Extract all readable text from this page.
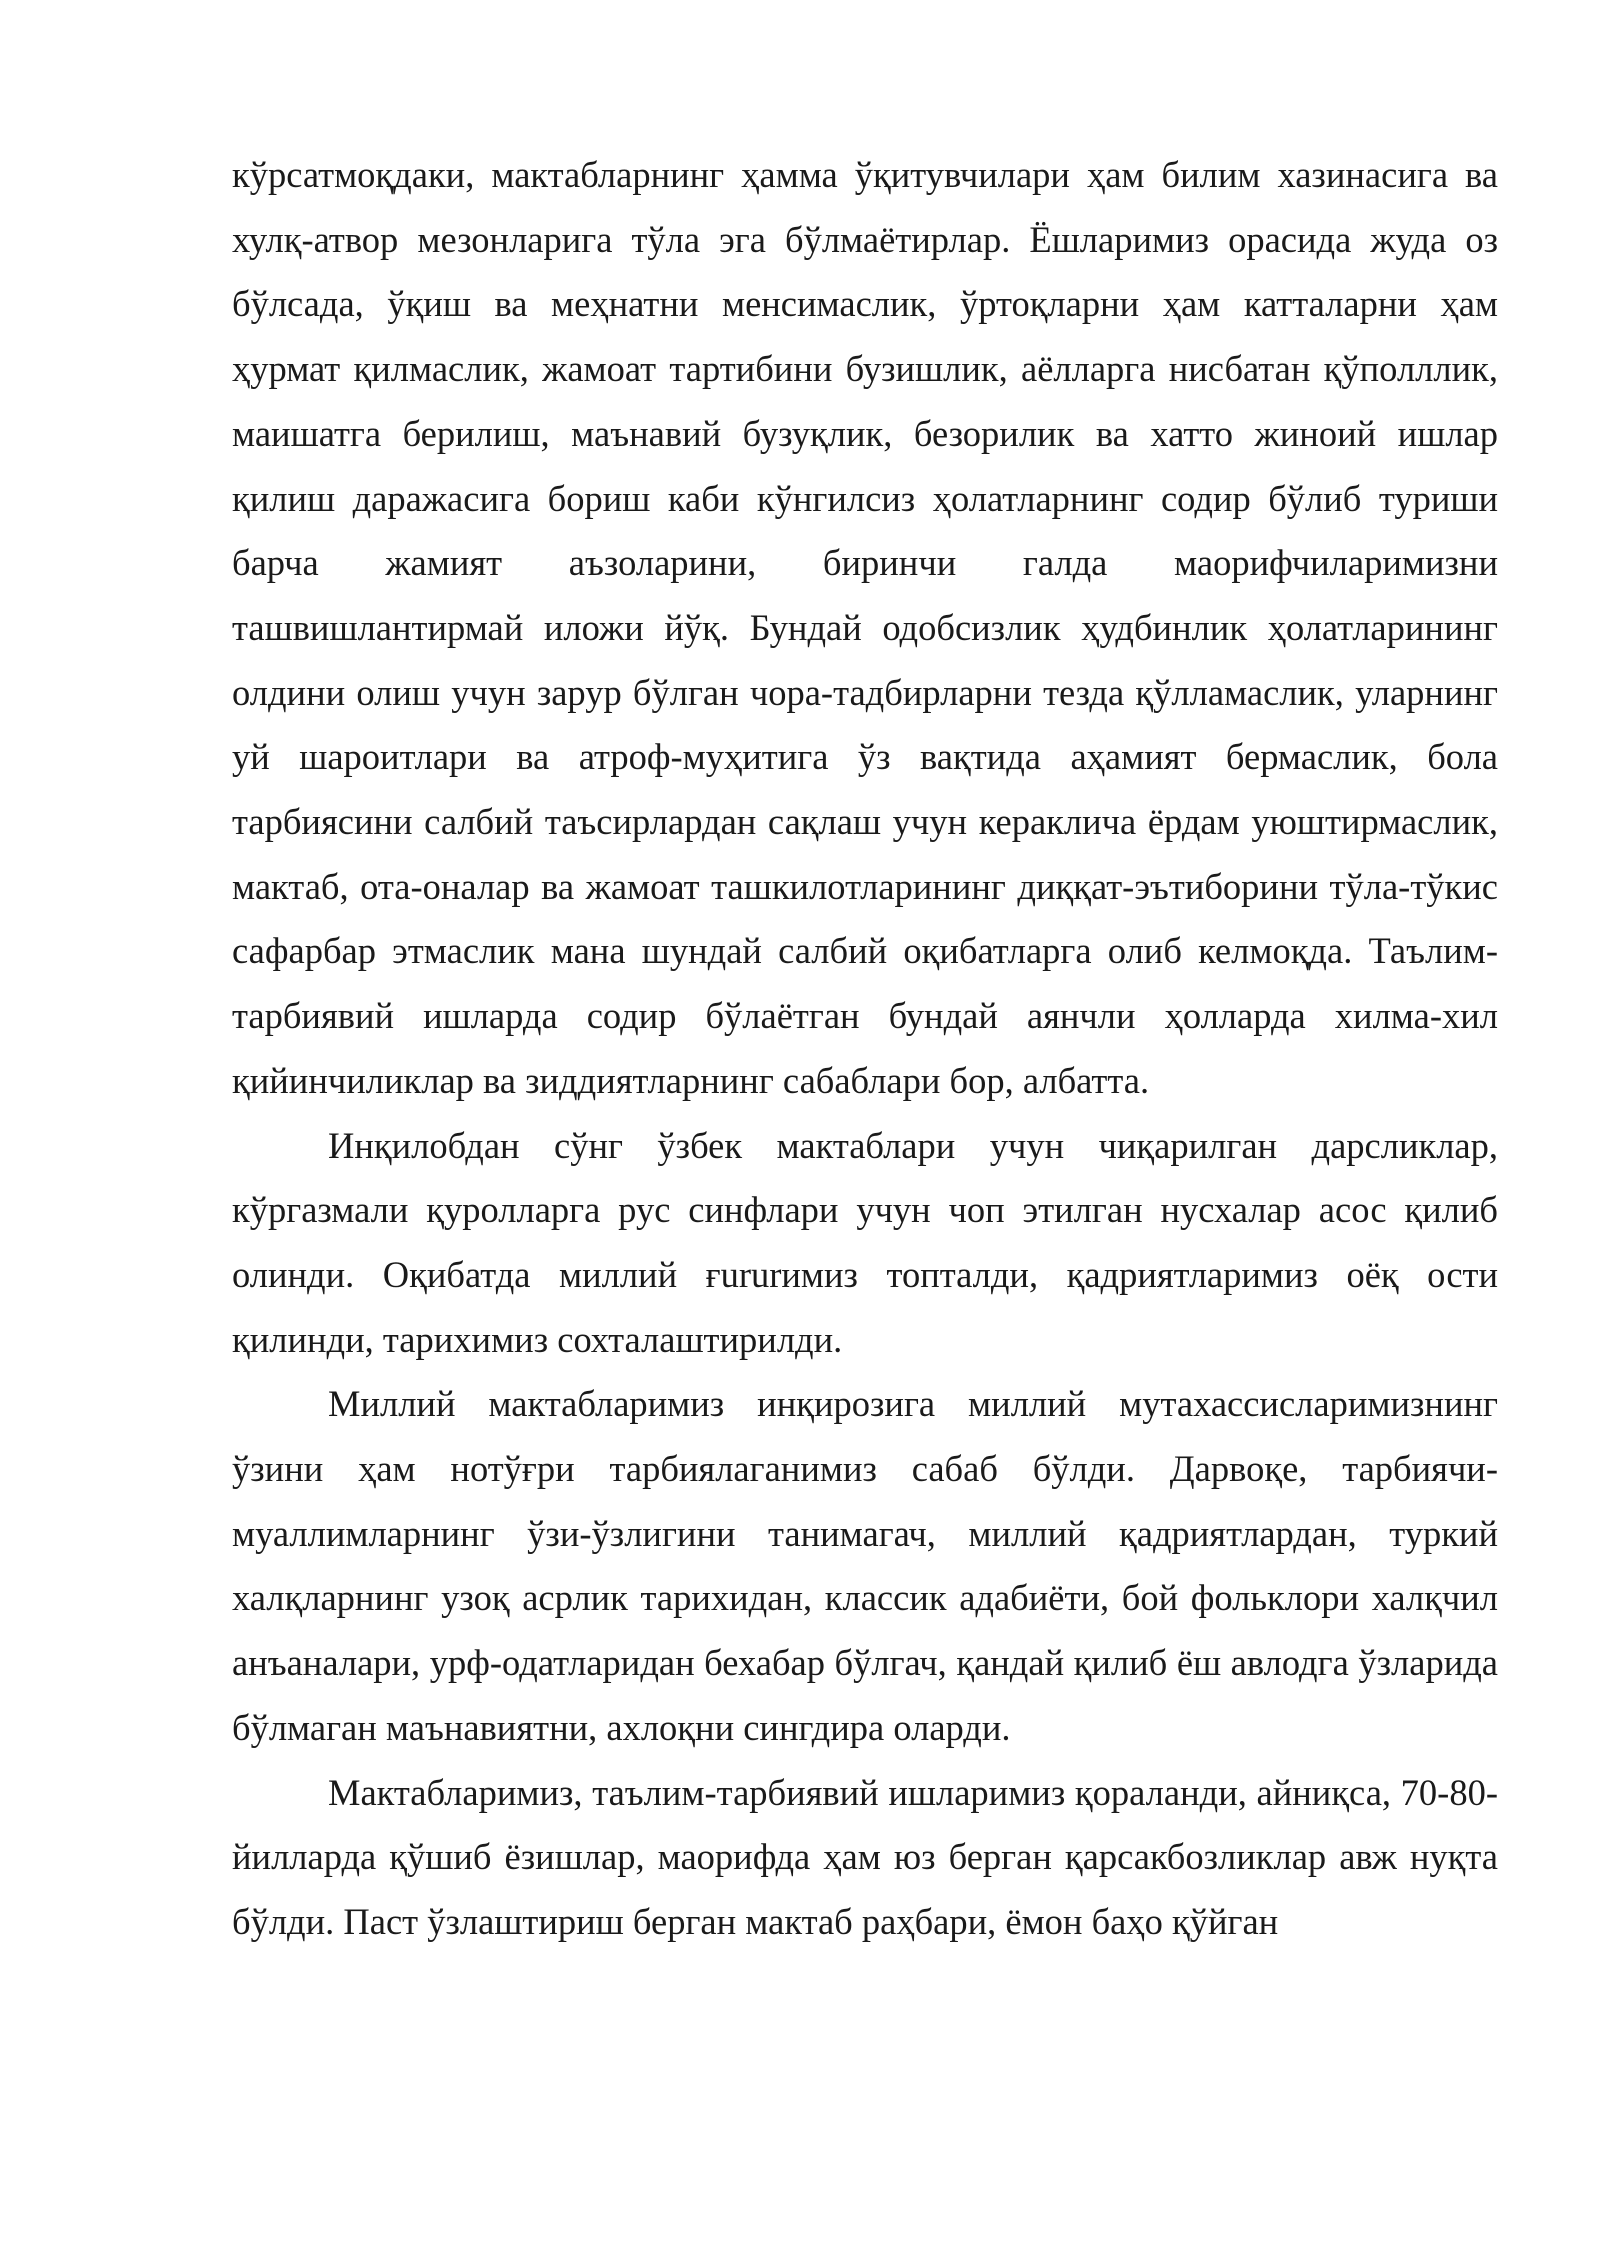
кўрсатмоқдаки, мактабларнинг ҳамма ўқитувчилари ҳам билим хазинасига ва хулқ-атвор мезонларига тўла эга бўлмаётирлар. Ёшларимиз орасида жуда оз бўлсада, ўқиш ва меҳнатни менсимаслик, ўртоқларни ҳам катталарни ҳам ҳурмат қилмаслик, жамоат тартибини бузишлик, аёлларга нисбатан қўполллик, маишатга берилиш, маънавий бузуқлик, безорилик ва хатто жиноий ишлар қилиш даражасига бориш каби кўнгилсиз ҳолатларнинг содир бўлиб туриши барча жамият аъзоларини, биринчи галда маорифчиларимизни ташвишлантирмай иложи йўқ. Бундай одобсизлик ҳудбинлик ҳолатларининг олдини олиш учун зарур бўлган чора-тадбирларни тезда қўлламаслик, уларнинг уй шароитлари ва атроф-муҳитига ўз вақтида аҳамият бермаслик, бола тарбиясини салбий таъсирлардан сақлаш учун кераклича ёрдам уюштирмаслик, мактаб, ота-оналар ва жамоат ташкилотларининг диққат-эътиборини тўла-тўкис сафарбар этмаслик мана шундай салбий оқибатларга олиб келмоқда. Таълим-тарбиявий ишларда содир бўлаётган бундай аянчли ҳолларда хилма-хил қийинчиликлар ва зиддиятларнинг сабаблари бор, албатта.

Инқилобдан сўнг ўзбек мактаблари учун чиқарилган дарсликлар, кўргазмали қуролларга рус синфлари учун чоп этилган нусхалар асос қилиб олинди. Оқибатда миллий ғururимиз топталди, қадриятларимиз оёқ ости қилинди, тарихимиз сохталаштирилди.

Миллий мактабларимиз инқирозига миллий мутахассисларимизнинг ўзини ҳам нотўғри тарбиялаганимиз сабаб бўлди. Дарвоқе, тарбиячи-муаллимларнинг ўзи-ўзлигини танимагач, миллий қадриятлардан, туркий халқларнинг узоқ асрлик тарихидан, классик адабиёти, бой фольклори халқчил анъаналари, урф-одатларидан бехабар бўлгач, қандай қилиб ёш авлодга ўзларида бўлмаган маънавиятни, ахлоқни сингдира оларди.

Мактабларимиз, таълим-тарбиявий ишларимиз қораланди, айниқса, 70-80-йилларда қўшиб ёзишлар, маорифда ҳам юз берган қарсакбозликлар авж нуқта бўлди. Паст ўзлаштириш берган мактаб раҳбари, ёмон баҳо қўйган
